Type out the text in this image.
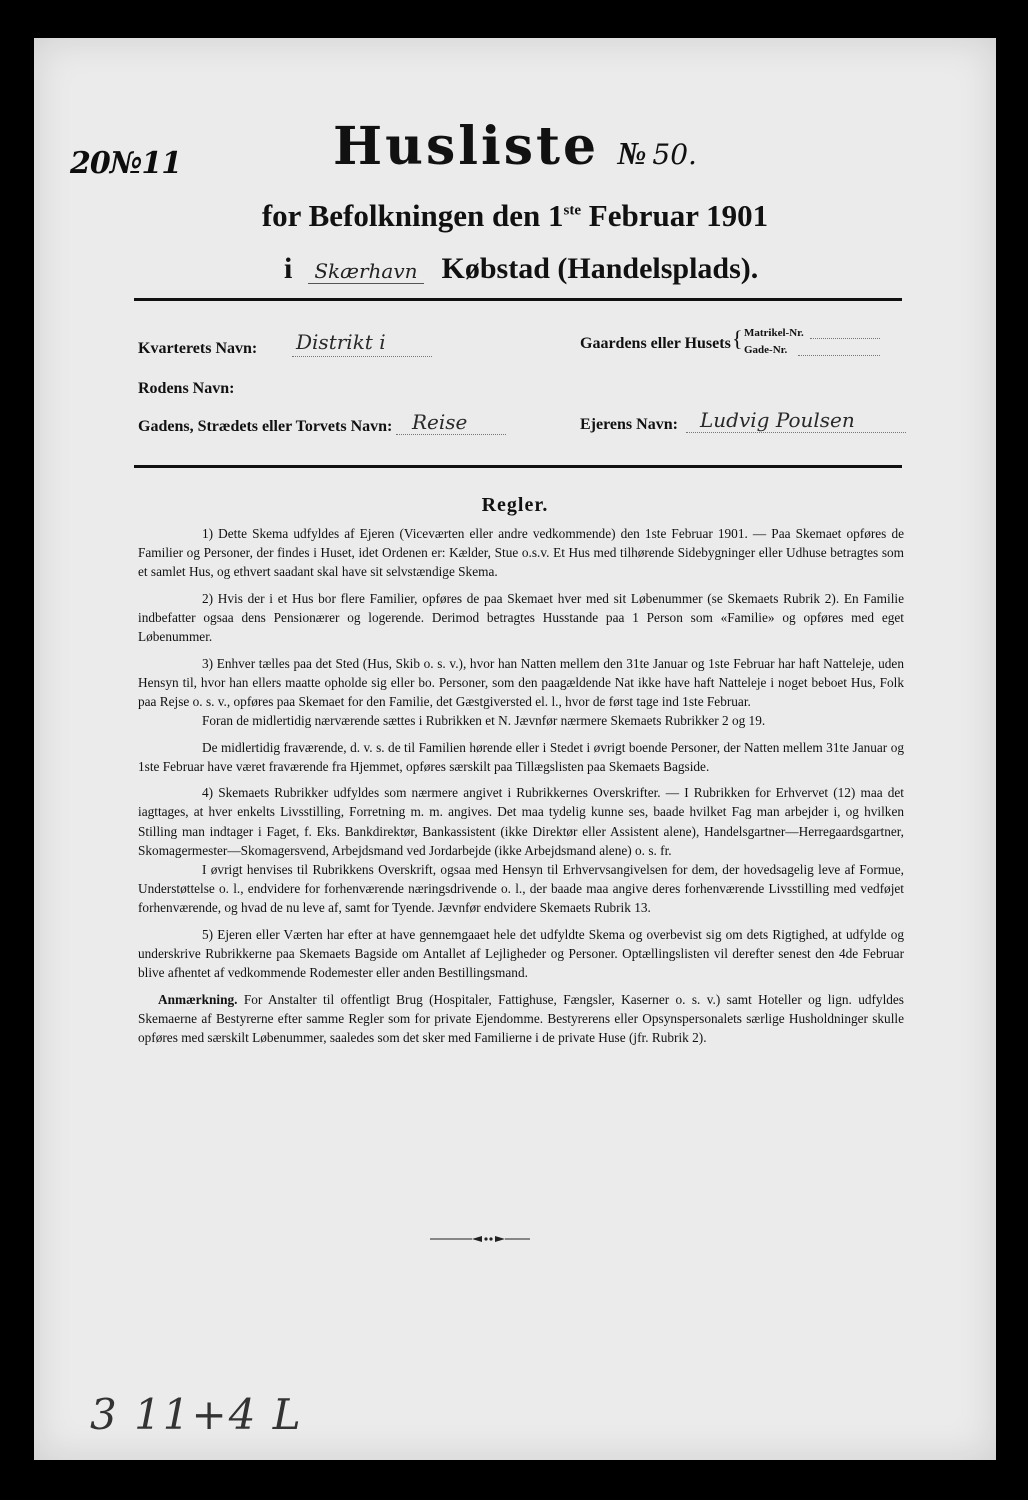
20№11	Husliste № 50.
for Befolkningen den 1ste Februar 1901
i Skærhavn Købstad (Handelsplads).
Kvarterets Navn: Distrikt i	Gaardens eller Husets { Matrikel-Nr.
Gade-Nr.
Rodens Navn:
Gadens, Strædets eller Torvets Navn: Reise	Ejerens Navn: Ludvig Poulsen
Regler.

1) Dette Skema udfyldes af Ejeren (Viceværten eller andre vedkommende) den 1ste Februar 1901. — Paa Skemaet opføres de Familier og Personer, der findes i Huset, idet Ordenen er: Kælder, Stue o.s.v. Et Hus med tilhørende Sidebygninger eller Udhuse betragtes som et samlet Hus, og ethvert saadant skal have sit selvstændige Skema.

2) Hvis der i et Hus bor flere Familier, opføres de paa Skemaet hver med sit Løbenummer (se Skemaets Rubrik 2). En Familie indbefatter ogsaa dens Pensionærer og logerende. Derimod betragtes Husstande paa 1 Person som «Familie» og opføres med eget Løbenummer.

3) Enhver tælles paa det Sted (Hus, Skib o. s. v.), hvor han Natten mellem den 31te Januar og 1ste Februar har haft Natteleje, uden Hensyn til, hvor han ellers maatte opholde sig eller bo. Personer, som den paagældende Nat ikke have haft Natteleje i noget beboet Hus, Folk paa Rejse o. s. v., opføres paa Skemaet for den Familie, det Gæstgiversted el. l., hvor de først tage ind 1ste Februar.

Foran de midlertidig nærværende sættes i Rubrikken et N. Jævnfør nærmere Skemaets Rubrikker 2 og 19.

De midlertidig fraværende, d. v. s. de til Familien hørende eller i Stedet i øvrigt boende Personer, der Natten mellem 31te Januar og 1ste Februar have været fraværende fra Hjemmet, opføres særskilt paa Tillægslisten paa Skemaets Bagside.

4) Skemaets Rubrikker udfyldes som nærmere angivet i Rubrikkernes Overskrifter. — I Rubrikken for Erhvervet (12) maa det iagttages, at hver enkelts Livsstilling, Forretning m. m. angives. Det maa tydelig kunne ses, baade hvilket Fag man arbejder i, og hvilken Stilling man indtager i Faget, f. Eks. Bankdirektør, Bankassistent (ikke Direktør eller Assistent alene), Handelsgartner—Herregaardsgartner, Skomagermester—Skomagersvend, Arbejdsmand ved Jordarbejde (ikke Arbejdsmand alene) o. s. fr.

I øvrigt henvises til Rubrikkens Overskrift, ogsaa med Hensyn til Erhvervsangivelsen for dem, der hovedsagelig leve af Formue, Understøttelse o. l., endvidere for forhenværende næringsdrivende o. l., der baade maa angive deres forhenværende Livsstilling med vedføjet forhenværende, og hvad de nu leve af, samt for Tyende. Jævnfør endvidere Skemaets Rubrik 13.

5) Ejeren eller Værten har efter at have gennemgaaet hele det udfyldte Skema og overbevist sig om dets Rigtighed, at udfylde og underskrive Rubrikkerne paa Skemaets Bagside om Antallet af Lejligheder og Personer. Optællingslisten vil derefter senest den 4de Februar blive afhentet af vedkommende Rodemester eller anden Bestillingsmand.

Anmærkning. For Anstalter til offentligt Brug (Hospitaler, Fattighuse, Fængsler, Kaserner o. s. v.) samt Hoteller og lign. udfyldes Skemaerne af Bestyrerne efter samme Regler som for private Ejendomme. Bestyrerens eller Opsynspersonalets særlige Husholdninger skulle opføres med særskilt Løbenummer, saaledes som det sker med Familierne i de private Huse (jfr. Rubrik 2).

3 11+4 L
